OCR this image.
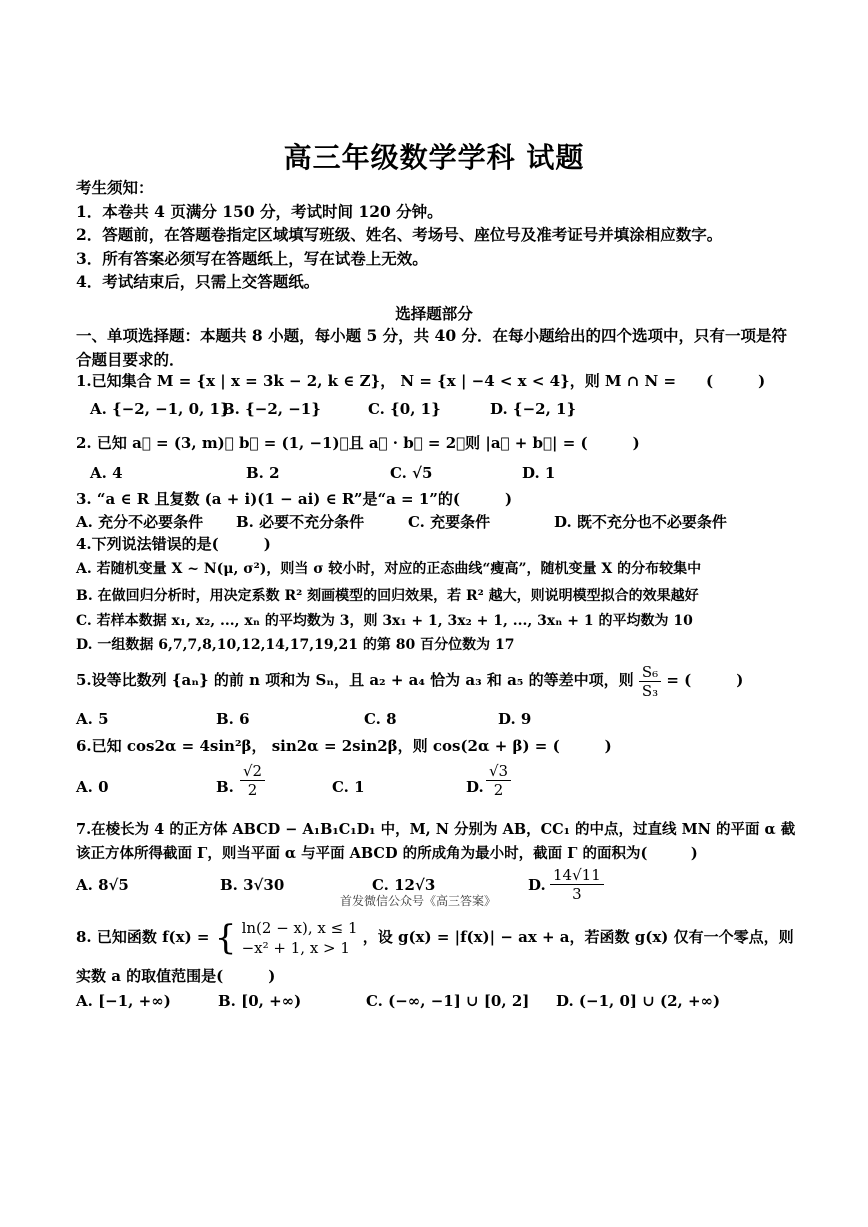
高三年级数学学科 试题
考生须知：
1．本卷共 4 页满分 150 分，考试时间 120 分钟。
2．答题前，在答题卷指定区域填写班级、姓名、考场号、座位号及准考证号并填涂相应数字。
3．所有答案必须写在答题纸上，写在试卷上无效。
4．考试结束后，只需上交答题纸。
选择题部分
一、单项选择题：本题共 8 小题，每小题 5 分，共 40 分．在每小题给出的四个选项中，只有一项是符合题目要求的．
1.已知集合 M = {x | x = 3k − 2, k ∈ Z}， N = {x | −4 < x < 4}，则 M ∩ N =　　(　　　)
A. {−2, −1, 0, 1}
B. {−2, −1}	C. {0, 1}	D. {−2, 1}
2. 已知 a⃗ = (3, m)， b⃗ = (1, −1)，且 a⃗ · b⃗ = 2，则 |a⃗ + b⃗| = (　　　)
A. 4	B. 2	C. √5	D. 1
3. “a ∈ R 且复数 (a + i)(1 − ai) ∈ R”是“a = 1”的(　　　)
A. 充分不必要条件 B. 必要不充分条件	C. 充要条件	D. 既不充分也不必要条件
4.下列说法错误的是(　　　)
A. 若随机变量 X ~ N(μ, σ²)，则当 σ 较小时，对应的正态曲线“瘦高”，随机变量 X 的分布较集中
B. 在做回归分析时，用决定系数 R² 刻画模型的回归效果，若 R² 越大，则说明模型拟合的效果越好
C. 若样本数据 x₁, x₂, ..., xₙ 的平均数为 3，则 3x₁ + 1, 3x₂ + 1, ..., 3xₙ + 1 的平均数为 10
D. 一组数据 6,7,7,8,10,12,14,17,19,21 的第 80 百分位数为 17
5.设等比数列 {aₙ} 的前 n 项和为 Sₙ，且 a₂ + a₄ 恰为 a₃ 和 a₅ 的等差中项，则 $\frac{\text{S₆}}{\text{S₃}}$ = (　　　)
A. 5	B. 6	C. 8	D. 9
6.已知 cos2α = 4sin²β， sin2α = 2sin2β，则 cos(2α + β) = (　　　)
A. 0	B. $\frac{√2}{2}$	C. 1	D. $\frac{√3}{2}$
7.在棱长为 4 的正方体 ABCD − A₁B₁C₁D₁ 中，M, N 分别为 AB，CC₁ 的中点，过直线 MN 的平面 α 截
该正方体所得截面 Γ，则当平面 α 与平面 ABCD 的所成角为最小时，截面 Γ 的面积为(　　　)
A. 8√5	B. 3√30	C. 12√3	D. $\frac{14√11}{3}$
首发微信公众号《高三答案》
8. 已知函数 f(x) = { ln(2 − x), x ≤ 1
−x² + 1, x > 1
，设 g(x) = |f(x)| − ax + a，若函数 g(x) 仅有一个零点，则
实数 a 的取值范围是(　　　)
A. [−1, +∞)	B. [0, +∞)	C. (−∞, −1] ∪ [0, 2] D. (−1, 0] ∪ (2, +∞)
